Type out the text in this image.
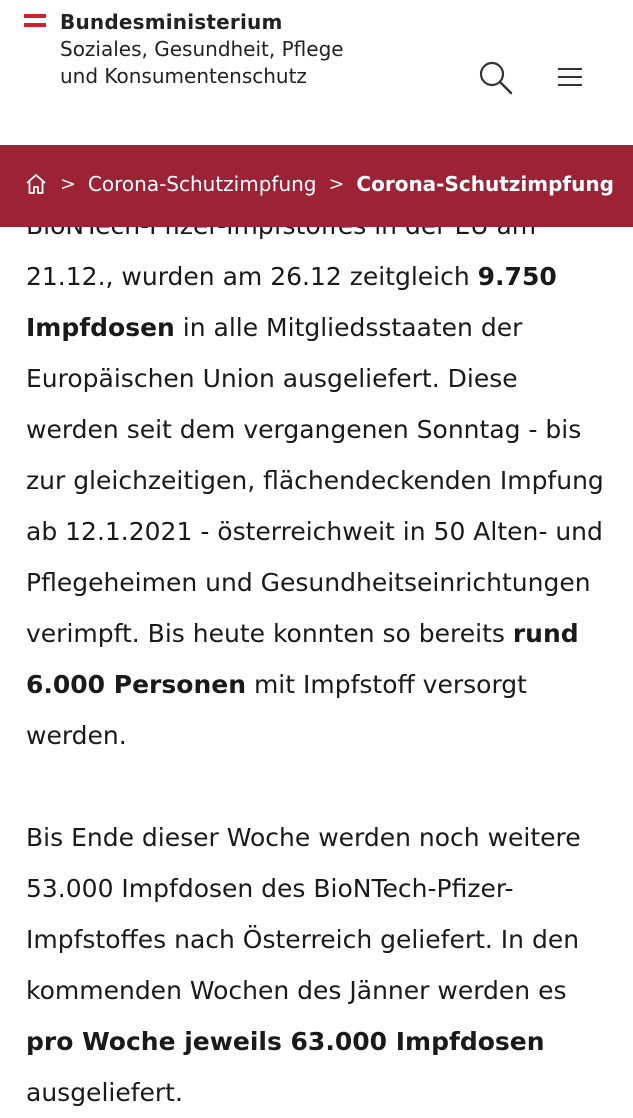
Bundesministerium
Soziales, Gesundheit, Pflege
und Konsumentenschutz
> Corona-Schutzimpfung > Corona-Schutzimpfung

21.12., wurden am 26.12 zeitgleich 9.750 Impfdosen in alle Mitgliedsstaaten der Europäischen Union ausgeliefert. Diese werden seit dem vergangenen Sonntag - bis zur gleichzeitigen, flächendeckenden Impfung ab 12.1.2021 - österreichweit in 50 Alten- und Pflegeheimen und Gesundheitseinrichtungen verimpft. Bis heute konnten so bereits rund 6.000 Personen mit Impfstoff versorgt werden.

Bis Ende dieser Woche werden noch weitere 53.000 Impfdosen des BioNTech-Pfizer-Impfstoffes nach Österreich geliefert. In den kommenden Wochen des Jänner werden es pro Woche jeweils 63.000 Impfdosen ausgeliefert.
